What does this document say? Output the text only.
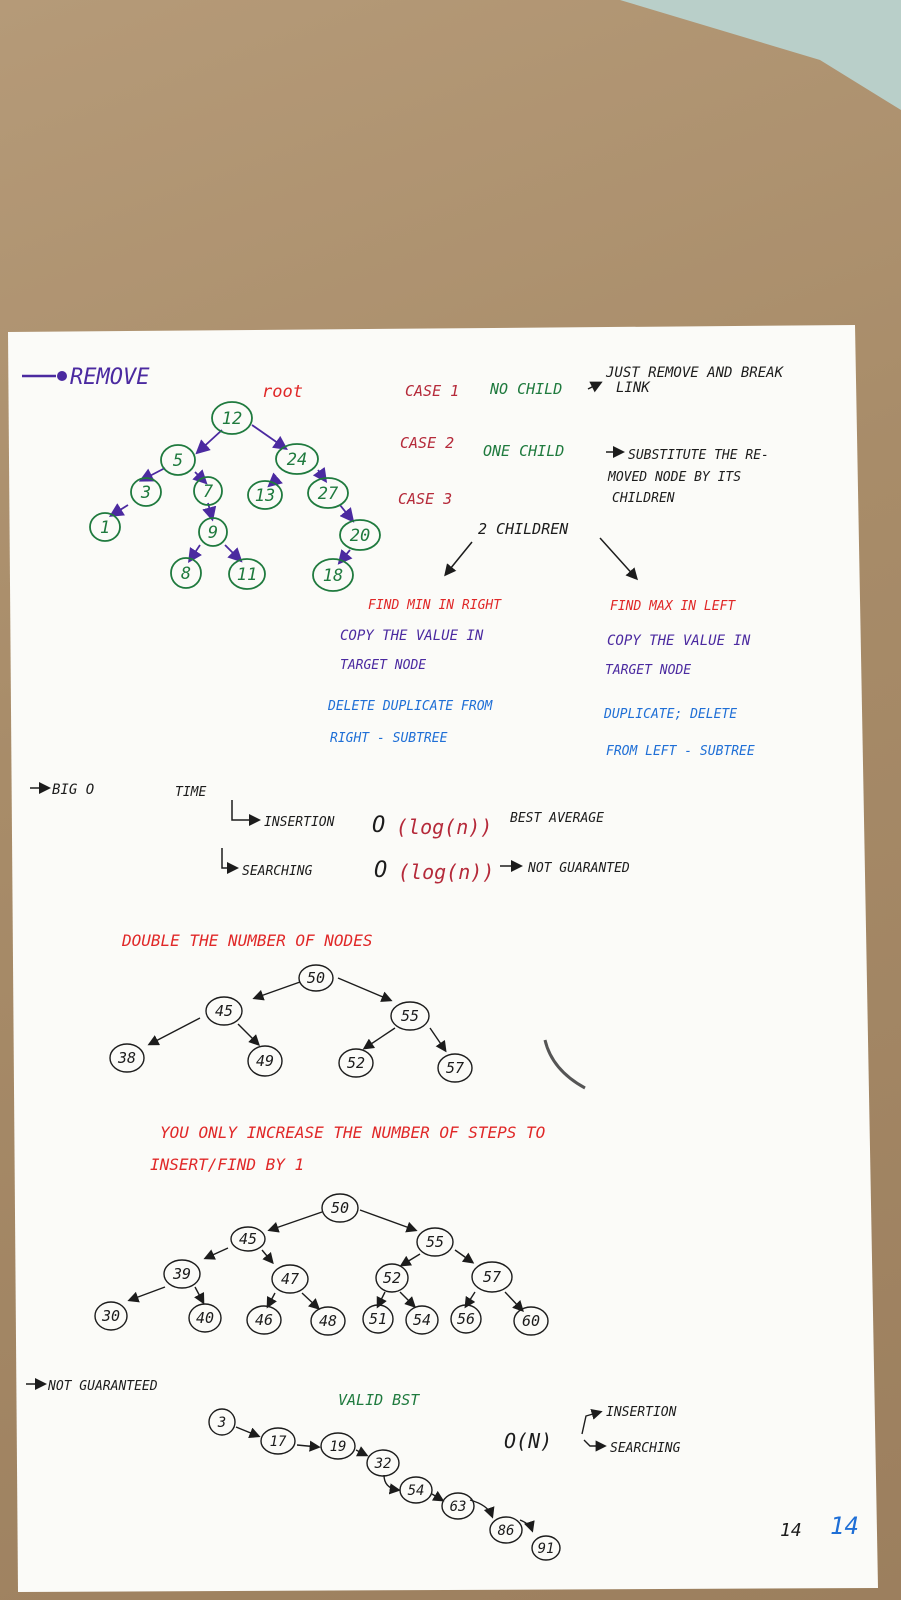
REMOVE
root
12
5	24
3	7 13	27
1	9	20
8	11	18
CASE 1 NO CHILD
JUST REMOVE AND BREAK
LINK
CASE 2 ONE CHILD	SUBSTITUTE THE RE-
MOVED NODE BY ITS
CHILDREN
CASE 3
2 CHILDREN
FIND MIN IN RIGHT
COPY THE VALUE IN
TARGET NODE
DELETE DUPLICATE FROM
RIGHT - SUBTREE
FIND MAX IN LEFT
COPY THE VALUE IN
TARGET NODE
DUPLICATE; DELETE
FROM LEFT - SUBTREE
BIG O	TIME
INSERTION O (log(n)) BEST AVERAGE
SEARCHING	O (log(n))	NOT GUARANTED
DOUBLE THE NUMBER OF NODES
50
45	55
38	49	52	57
YOU ONLY INCREASE THE NUMBER OF STEPS TO
INSERT/FIND BY 1
50
45	55
39	47	52	57
30	40	46	48 51 54 56	60
NOT GUARANTEED
VALID BST
3
17	19
32
54
63
86
91
O(N)
INSERTION
SEARCHING
14 14
